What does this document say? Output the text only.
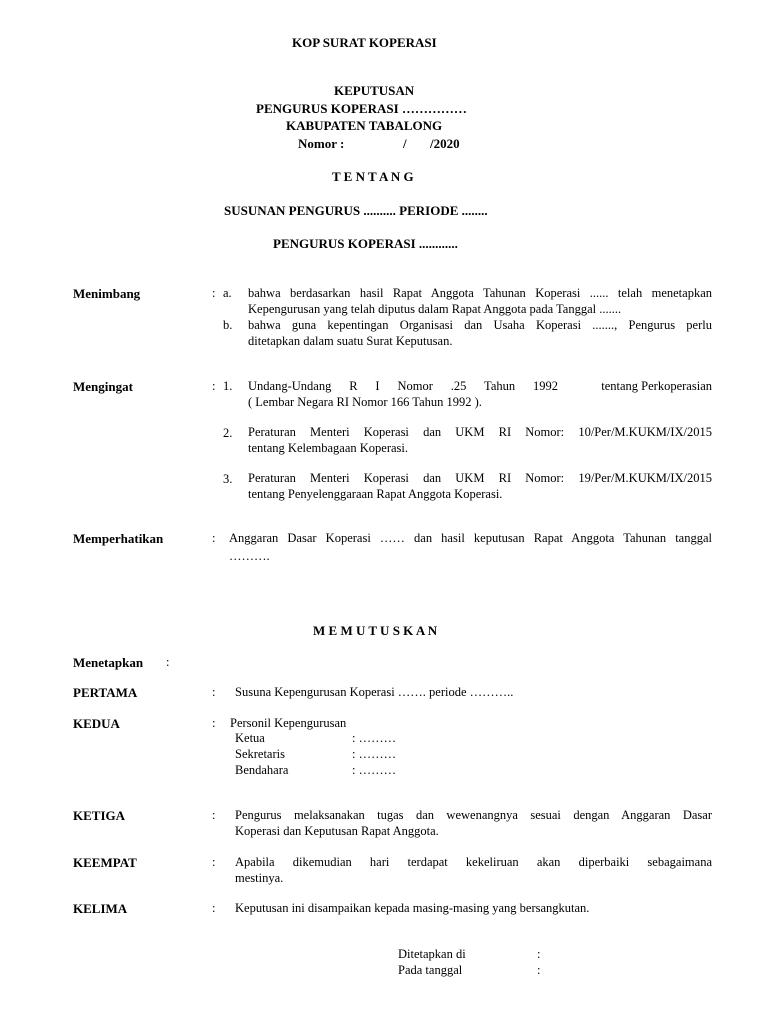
KOP SURAT KOPERASI
KEPUTUSAN
PENGURUS KOPERASI ……………
KABUPATEN TABALONG
Nomor :	/ /2020
T E N T A N G
SUSUNAN PENGURUS .......... PERIODE ........
PENGURUS KOPERASI ............
Menimbang	: a. bahwa berdasarkan hasil Rapat Anggota Tahunan Koperasi ...... telah menetapkan
Kepengurusan yang telah diputus dalam Rapat Anggota pada Tanggal .......
b. bahwa guna kepentingan Organisasi dan Usaha Koperasi ......., Pengurus perlu
ditetapkan dalam suatu Surat Keputusan.
Mengingat	: 1. Undang-Undang R I Nomor .25 Tahun 1992	tentang Perkoperasian
( Lembar Negara RI Nomor 166 Tahun 1992 ).
2. Peraturan Menteri Koperasi dan UKM RI Nomor: 10/Per/M.KUKM/IX/2015
tentang Kelembagaan Koperasi.
3. Peraturan Menteri Koperasi dan UKM RI Nomor: 19/Per/M.KUKM/IX/2015
tentang Penyelenggaraan Rapat Anggota Koperasi.
Memperhatikan	: Anggaran Dasar Koperasi …… dan hasil keputusan Rapat Anggota Tahunan tanggal
……….
M E M U T U S K A N
Menetapkan :
PERTAMA	: Susuna Kepengurusan Koperasi ……. periode ………..
KEDUA	: Personil Kepengurusan
Ketua	: ………
Sekretaris	: ………
Bendahara	: ………
KETIGA	: Pengurus melaksanakan tugas dan wewenangnya sesuai dengan Anggaran Dasar
Koperasi dan Keputusan Rapat Anggota.
KEEMPAT	: Apabila dikemudian hari terdapat kekeliruan akan diperbaiki sebagaimana
mestinya.
KELIMA	: Keputusan ini disampaikan kepada masing-masing yang bersangkutan.
Ditetapkan di	:
Pada tanggal	:
